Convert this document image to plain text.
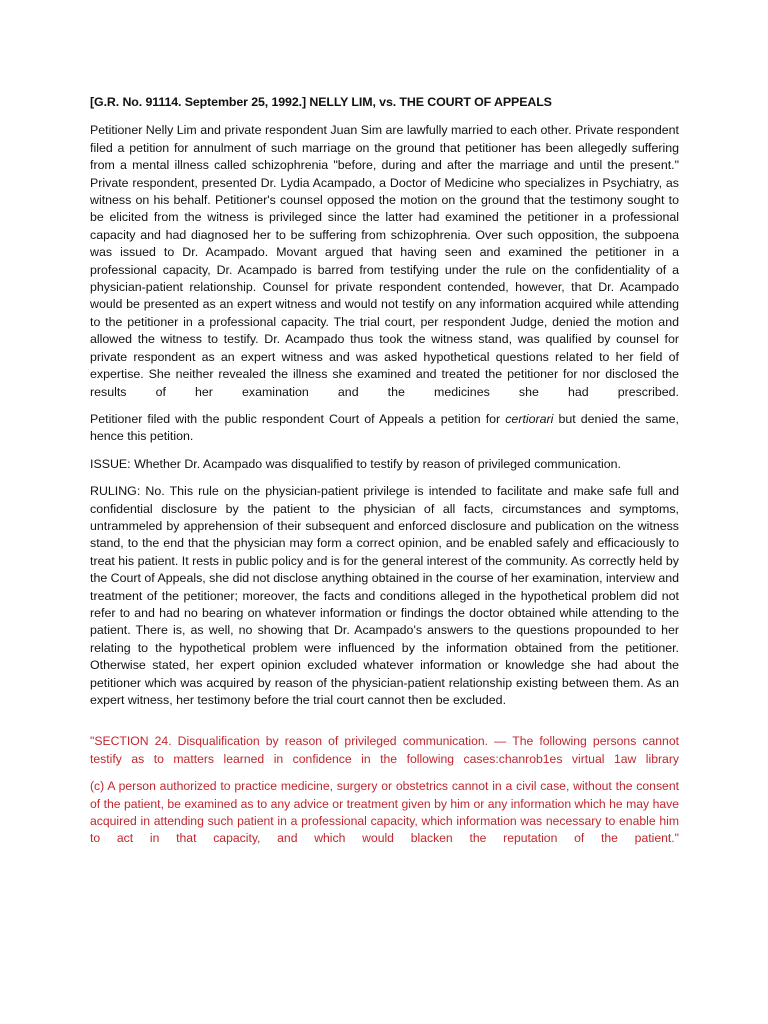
[G.R. No. 91114. September 25, 1992.] NELLY LIM, vs. THE COURT OF APPEALS

Petitioner Nelly Lim and private respondent Juan Sim are lawfully married to each other. Private respondent filed a petition for annulment of such marriage on the ground that petitioner has been allegedly suffering from a mental illness called schizophrenia "before, during and after the marriage and until the present." Private respondent, presented Dr. Lydia Acampado, a Doctor of Medicine who specializes in Psychiatry, as witness on his behalf. Petitioner's counsel opposed the motion on the ground that the testimony sought to be elicited from the witness is privileged since the latter had examined the petitioner in a professional capacity and had diagnosed her to be suffering from schizophrenia. Over such opposition, the subpoena was issued to Dr. Acampado. Movant argued that having seen and examined the petitioner in a professional capacity, Dr. Acampado is barred from testifying under the rule on the confidentiality of a physician-patient relationship. Counsel for private respondent contended, however, that Dr. Acampado would be presented as an expert witness and would not testify on any information acquired while attending to the petitioner in a professional capacity. The trial court, per respondent Judge, denied the motion and allowed the witness to testify. Dr. Acampado thus took the witness stand, was qualified by counsel for private respondent as an expert witness and was asked hypothetical questions related to her field of expertise. She neither revealed the illness she examined and treated the petitioner for nor disclosed the results of her examination and the medicines she had prescribed.

Petitioner filed with the public respondent Court of Appeals a petition for certiorari but denied the same, hence this petition.

ISSUE: Whether Dr. Acampado was disqualified to testify by reason of privileged communication.

RULING: No. This rule on the physician-patient privilege is intended to facilitate and make safe full and confidential disclosure by the patient to the physician of all facts, circumstances and symptoms, untrammeled by apprehension of their subsequent and enforced disclosure and publication on the witness stand, to the end that the physician may form a correct opinion, and be enabled safely and efficaciously to treat his patient. It rests in public policy and is for the general interest of the community. As correctly held by the Court of Appeals, she did not disclose anything obtained in the course of her examination, interview and treatment of the petitioner; moreover, the facts and conditions alleged in the hypothetical problem did not refer to and had no bearing on whatever information or findings the doctor obtained while attending to the patient. There is, as well, no showing that Dr. Acampado's answers to the questions propounded to her relating to the hypothetical problem were influenced by the information obtained from the petitioner. Otherwise stated, her expert opinion excluded whatever information or knowledge she had about the petitioner which was acquired by reason of the physician-patient relationship existing between them. As an expert witness, her testimony before the trial court cannot then be excluded.

"SECTION 24. Disqualification by reason of privileged communication. — The following persons cannot testify as to matters learned in confidence in the following cases:chanrob1es virtual 1aw library

(c) A person authorized to practice medicine, surgery or obstetrics cannot in a civil case, without the consent of the patient, be examined as to any advice or treatment given by him or any information which he may have acquired in attending such patient in a professional capacity, which information was necessary to enable him to act in that capacity, and which would blacken the reputation of the patient."
